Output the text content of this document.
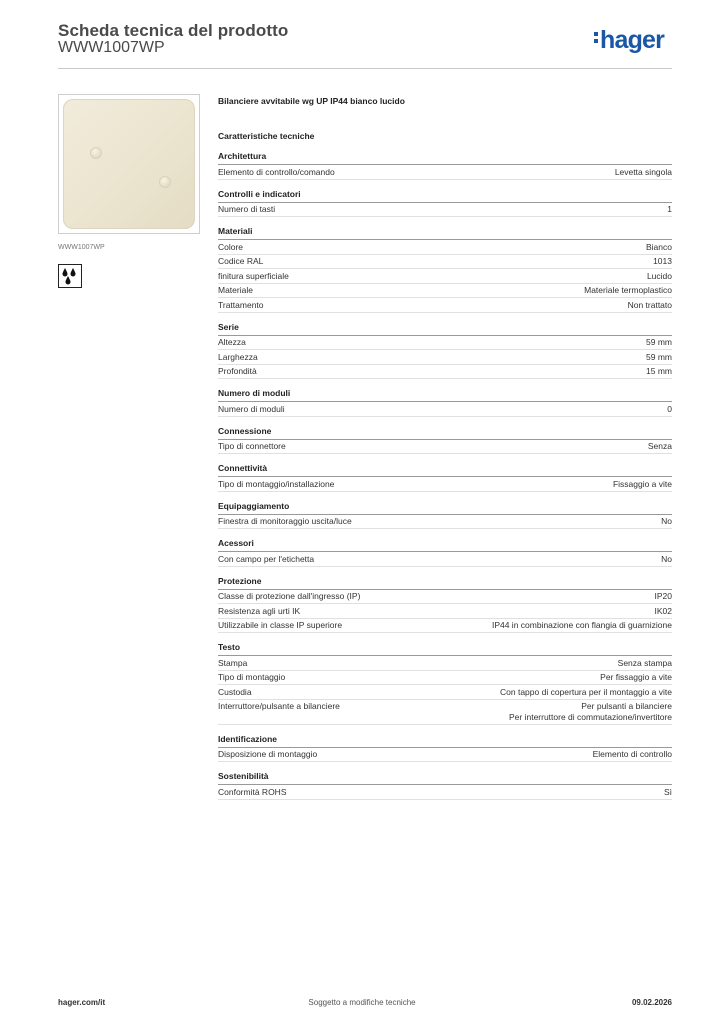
Scheda tecnica del prodotto
WWW1007WP	hager
WWW1007WP
Bilanciere avvitabile wg UP IP44 bianco lucido
Caratteristiche tecniche
Architettura
Elemento di controllo/comando	Levetta singola
Controlli e indicatori
Numero di tasti	1
Materiali
Colore	Bianco
Codice RAL	1013
finitura superficiale	Lucido
Materiale	Materiale termoplastico
Trattamento	Non trattato
Serie
Altezza	59 mm
Larghezza	59 mm
Profondità	15 mm
Numero di moduli
Numero di moduli	0
Connessione
Tipo di connettore	Senza
Connettività
Tipo di montaggio/installazione	Fissaggio a vite
Equipaggiamento
Finestra di monitoraggio uscita/luce	No
Acessori
Con campo per l'etichetta	No
Protezione
Classe di protezione dall'ingresso (IP)	IP20
Resistenza agli urti IK	IK02
Utilizzabile in classe IP superiore	IP44 in combinazione con flangia di guarnizione
Testo
Stampa	Senza stampa
Tipo di montaggio	Per fissaggio a vite
Custodia	Con tappo di copertura per il montaggio a vite
Interruttore/pulsante a bilanciere	Per pulsanti a bilanciere
Per interruttore di commutazione/invertitore
Identificazione
Disposizione di montaggio	Elemento di controllo
Sostenibilità
Conformità ROHS	Sì
hager.com/it	Soggetto a modifiche tecniche	09.02.2026
